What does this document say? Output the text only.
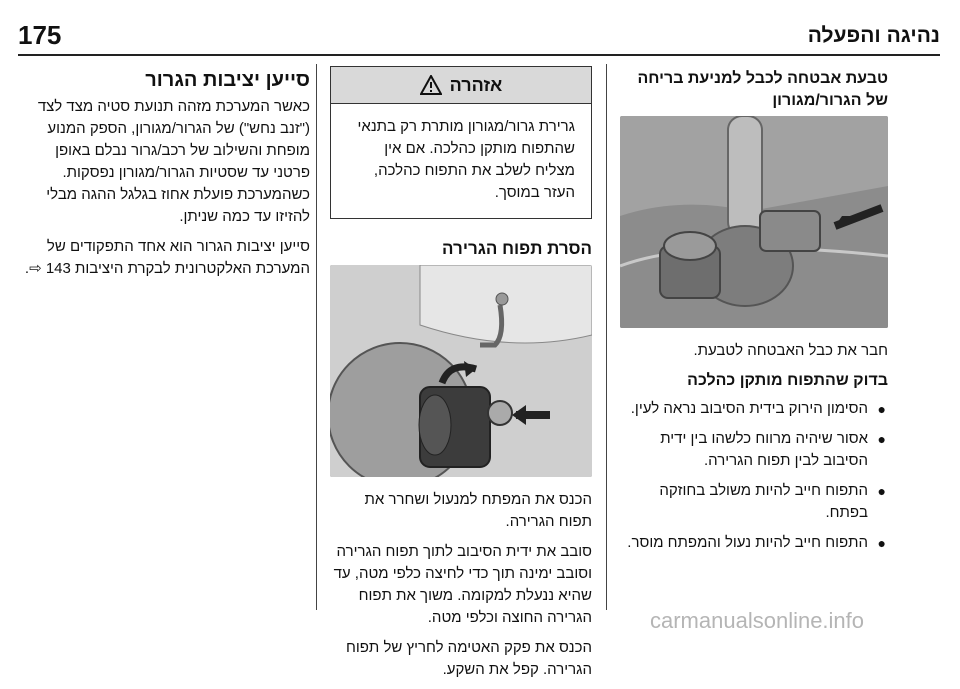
175	נהיגה והפעלה
טבעת אבטחה לכבל למניעת בריחה של הגרור/מגורון

חבר את כבל האבטחה לטבעת.

בדוק שהתפוח מותקן כהלכה
●
הסימון הירוק בידית הסיבוב נראה לעין.
●
אסור שיהיה מרווח כלשהו בין ידית הסיבוב לבין תפוח הגרירה.
●
התפוח חייב להיות משולב בחוזקה בפתח.
●
התפוח חייב להיות נעול והמפתח מוסר.
אזהרה
גרירת גרור/מגורון מותרת רק בתנאי שהתפוח מותקן כהלכה. אם אין מצליח לשלב את התפוח כהלכה, העזר במוסך.
הסרת תפוח הגרירה

הכנס את המפתח למנעול ושחרר את תפוח הגרירה.

סובב את ידית הסיבוב לתוך תפוח הגרירה וסובב ימינה תוך כדי לחיצה כלפי מטה, עד שהיא ננעלת למקומה. משוך את תפוח הגרירה החוצה וכלפי מטה.

הכנס את פקק האטימה לחריץ של תפוח הגרירה. קפל את השקע.

סייען יציבות הגרור

כאשר המערכת מזהה תנועת סטיה מצד לצד ("זנב נחש") של הגרור/מגורון, הספק המנוע מופחת והשילוב של רכב/גרור נבלם באופן פרטני עד שסטיות הגרור/מגורון נפסקות. כשהמערכת פועלת אחוז בגלגל ההגה מבלי להזיזו עד כמה שניתן.

סייען יציבות הגרור הוא אחד התפקודים של המערכת האלקטרונית לבקרת היציבות 143 ⇨.

carmanualsonline.info
